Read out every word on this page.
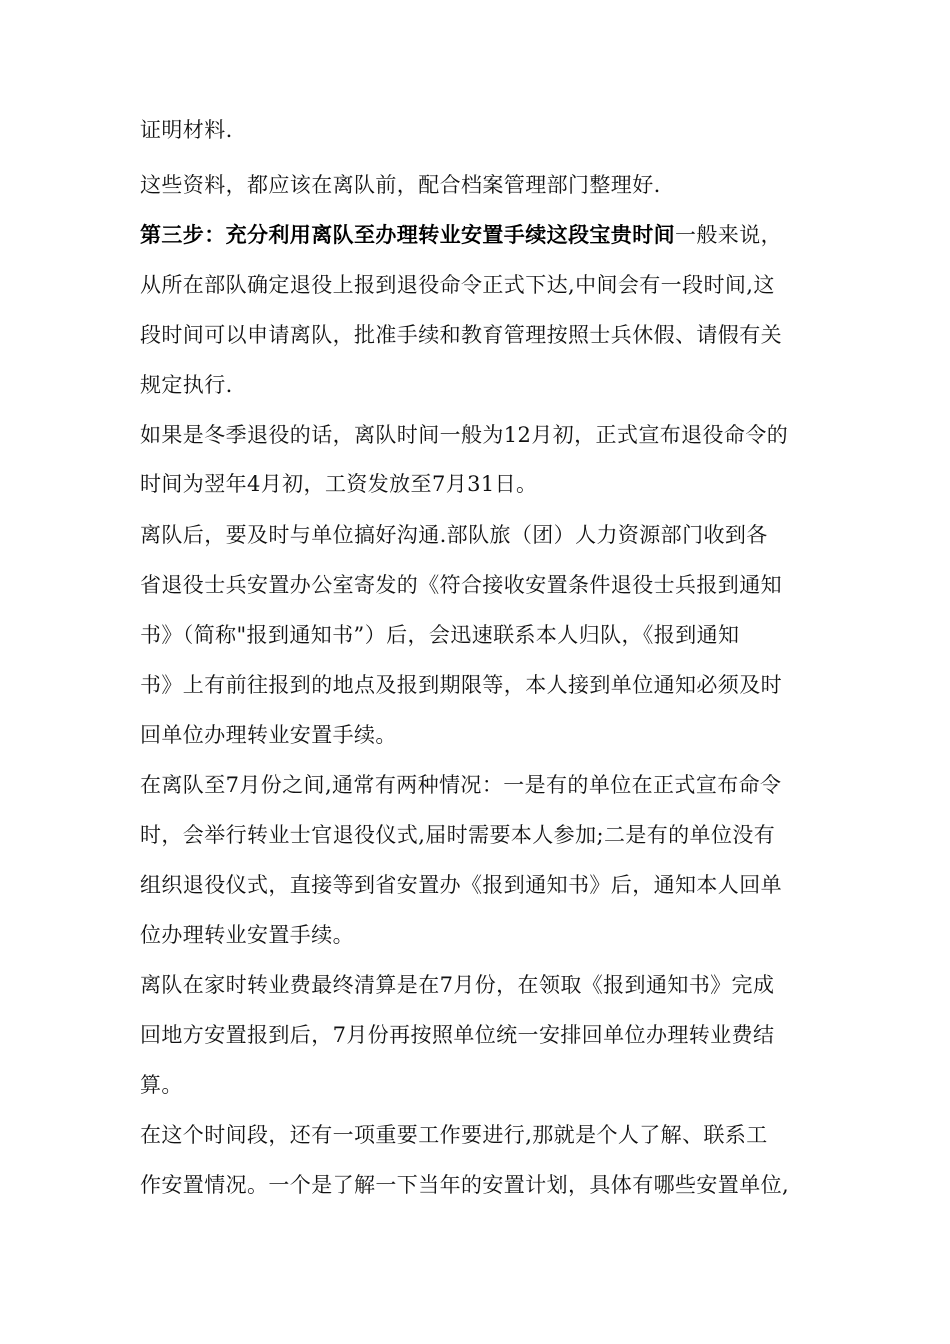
证明材料.
这些资料，都应该在离队前，配合档案管理部门整理好.
第三步：充分利用离队至办理转业安置手续这段宝贵时间一般来说，
从所在部队确定退役上报到退役命令正式下达,中间会有一段时间,这
段时间可以申请离队，批准手续和教育管理按照士兵休假、请假有关
规定执行.
如果是冬季退役的话，离队时间一般为12月初，正式宣布退役命令的
时间为翌年4月初，工资发放至7月31日。
离队后，要及时与单位搞好沟通.部队旅（团）人力资源部门收到各
省退役士兵安置办公室寄发的《符合接收安置条件退役士兵报到通知
书》（简称"报到通知书”）后，会迅速联系本人归队，《报到通知
书》上有前往报到的地点及报到期限等，本人接到单位通知必须及时
回单位办理转业安置手续。
在离队至7月份之间,通常有两种情况：一是有的单位在正式宣布命令
时，会举行转业士官退役仪式,届时需要本人参加;二是有的单位没有
组织退役仪式，直接等到省安置办《报到通知书》后，通知本人回单
位办理转业安置手续。
离队在家时转业费最终清算是在7月份，在领取《报到通知书》完成
回地方安置报到后，7月份再按照单位统一安排回单位办理转业费结
算。
在这个时间段，还有一项重要工作要进行,那就是个人了解、联系工
作安置情况。一个是了解一下当年的安置计划，具体有哪些安置单位,
